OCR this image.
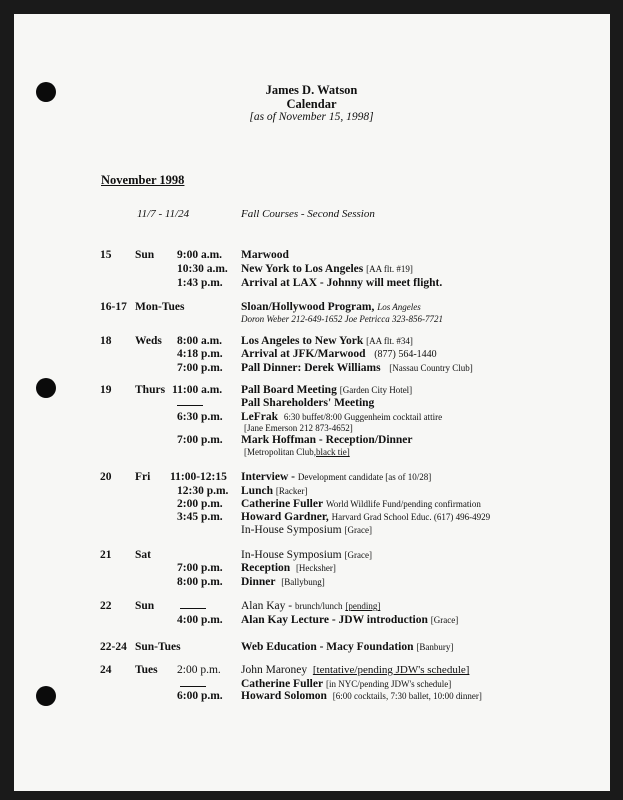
James D. Watson
Calendar
[as of November 15, 1998]
November 1998
11/7 - 11/24	Fall Courses - Second Session
15 Sun 9:00 a.m. Marwood
10:30 a.m. New York to Los Angeles [AA flt. #19]
1:43 p.m. Arrival at LAX - Johnny will meet flight.
16-17 Mon-Tues	Sloan/Hollywood Program, Los Angeles
Doron Weber 212-649-1652 Joe Petricca 323-856-7721
18 Weds 8:00 a.m. Los Angeles to New York [AA flt. #34]
4:18 p.m. Arrival at JFK/Marwood (877) 564-1440
7:00 p.m. Pall Dinner: Derek Williams [Nassau Country Club]
19 Thurs 11:00 a.m. Pall Board Meeting [Garden City Hotel]
Pall Shareholders' Meeting
6:30 p.m. LeFrak 6:30 buffet/8:00 Guggenheim cocktail attire
[Jane Emerson 212 873-4652]
7:00 p.m. Mark Hoffman - Reception/Dinner
[Metropolitan Club,black tie]
20 Fri 11:00-12:15 Interview - Development candidate [as of 10/28]
12:30 p.m. Lunch [Racker]
2:00 p.m. Catherine Fuller World Wildlife Fund/pending confirmation
3:45 p.m. Howard Gardner, Harvard Grad School Educ. (617) 496-4929
In-House Symposium [Grace]
21 Sat	In-House Symposium [Grace]
7:00 p.m. Reception [Hecksher]
8:00 p.m. Dinner [Ballybung]
22 Sun	Alan Kay - brunch/lunch [pending]
4:00 p.m. Alan Kay Lecture - JDW introduction [Grace]
22-24 Sun-Tues	Web Education - Macy Foundation [Banbury]
24 Tues 2:00 p.m. John Maroney [tentative/pending JDW's schedule]
Catherine Fuller [in NYC/pending JDW's schedule]
6:00 p.m. Howard Solomon [6:00 cocktails, 7:30 ballet, 10:00 dinner]
